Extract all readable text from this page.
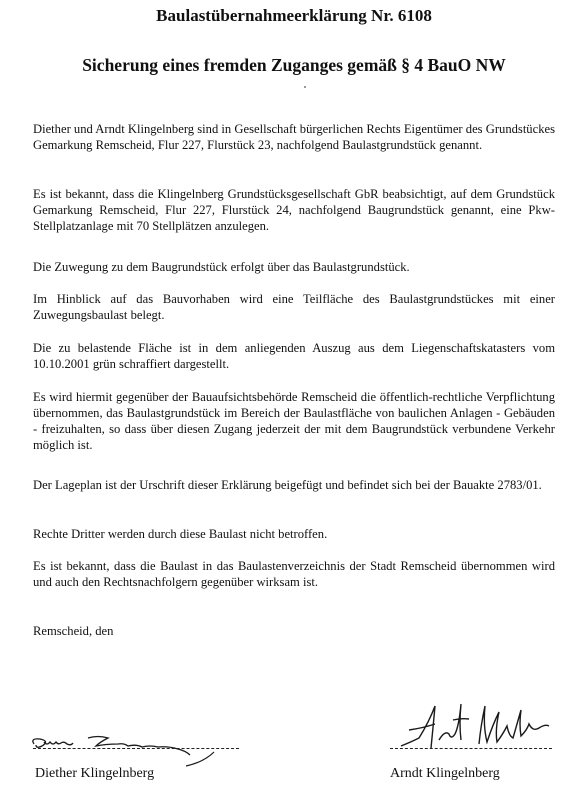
Baulastübernahmeerklärung Nr. 6108
Sicherung eines fremden Zuganges gemäß § 4 BauO NW

Diether und Arndt Klingelnberg sind in Gesellschaft bürgerlichen Rechts Eigentümer des Grundstückes Gemarkung Remscheid, Flur 227, Flurstück 23, nachfolgend Baulastgrundstück genannt.

Es ist bekannt, dass die Klingelnberg Grundstücksgesellschaft GbR beabsichtigt, auf dem Grundstück Gemarkung Remscheid, Flur 227, Flurstück 24, nachfolgend Baugrundstück genannt, eine Pkw-Stellplatzanlage mit 70 Stellplätzen anzulegen.

Die Zuwegung zu dem Baugrundstück erfolgt über das Baulastgrundstück.

Im Hinblick auf das Bauvorhaben wird eine Teilfläche des Baulastgrundstückes mit einer Zuwegungsbaulast belegt.

Die zu belastende Fläche ist in dem anliegenden Auszug aus dem Liegenschaftskatasters vom 10.10.2001 grün schraffiert dargestellt.

Es wird hiermit gegenüber der Bauaufsichtsbehörde Remscheid die öffentlich-rechtliche Verpflichtung übernommen, das Baulastgrundstück im Bereich der Baulastfläche von baulichen Anlagen - Gebäuden - freizuhalten, so dass über diesen Zugang jederzeit der mit dem Baugrundstück verbundene Verkehr möglich ist.

Der Lageplan ist der Urschrift dieser Erklärung beigefügt und befindet sich bei der Bauakte 2783/01.

Rechte Dritter werden durch diese Baulast nicht betroffen.

Es ist bekannt, dass die Baulast in das Baulastenverzeichnis der Stadt Remscheid übernommen wird und auch den Rechtsnachfolgern gegenüber wirksam ist.

Remscheid, den

Diether Klingelnberg	Arndt Klingelnberg
